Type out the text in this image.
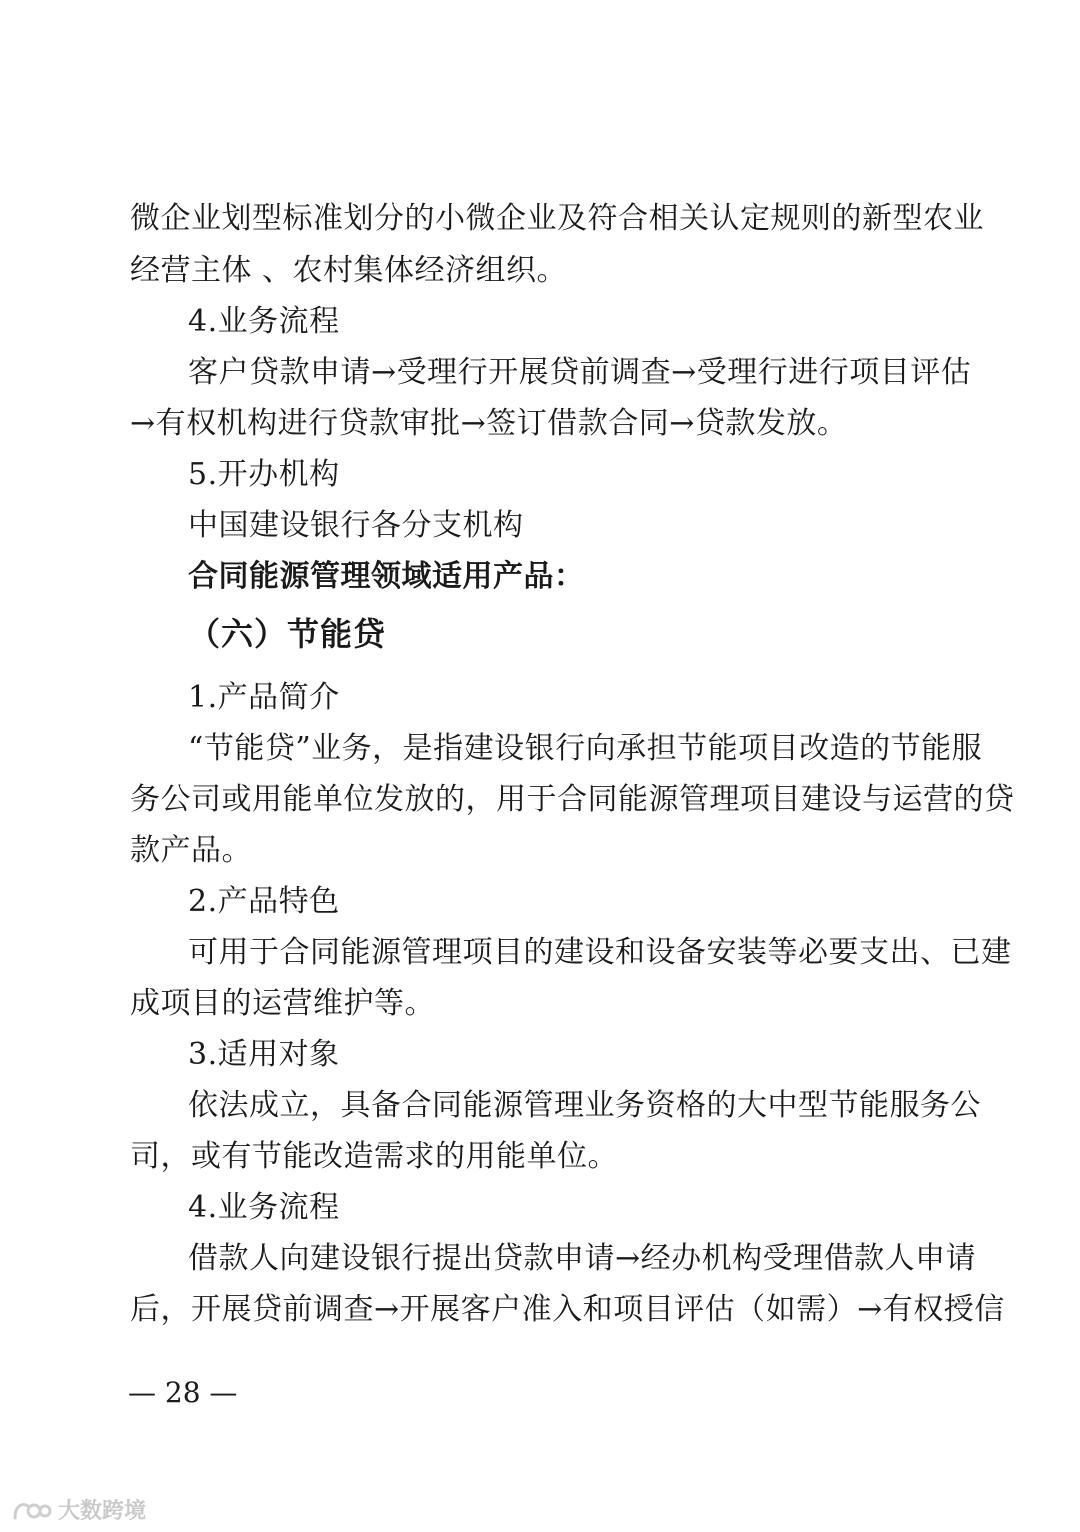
微企业划型标准划分的小微企业及符合相关认定规则的新型农业
经营主体 、农村集体经济组织。
4.业务流程
客户贷款申请→受理行开展贷前调查→受理行进行项目评估
→有权机构进行贷款审批→签订借款合同→贷款发放。
5.开办机构
中国建设银行各分支机构
合同能源管理领域适用产品：
（六）节能贷
1.产品简介
“节能贷”业务，是指建设银行向承担节能项目改造的节能服
务公司或用能单位发放的，用于合同能源管理项目建设与运营的贷
款产品。
2.产品特色
可用于合同能源管理项目的建设和设备安装等必要支出、已建
成项目的运营维护等。
3.适用对象
依法成立，具备合同能源管理业务资格的大中型节能服务公
司，或有节能改造需求的用能单位。
4.业务流程
借款人向建设银行提出贷款申请→经办机构受理借款人申请
后，开展贷前调查→开展客户准入和项目评估（如需）→有权授信
— 28 —
大数跨境
